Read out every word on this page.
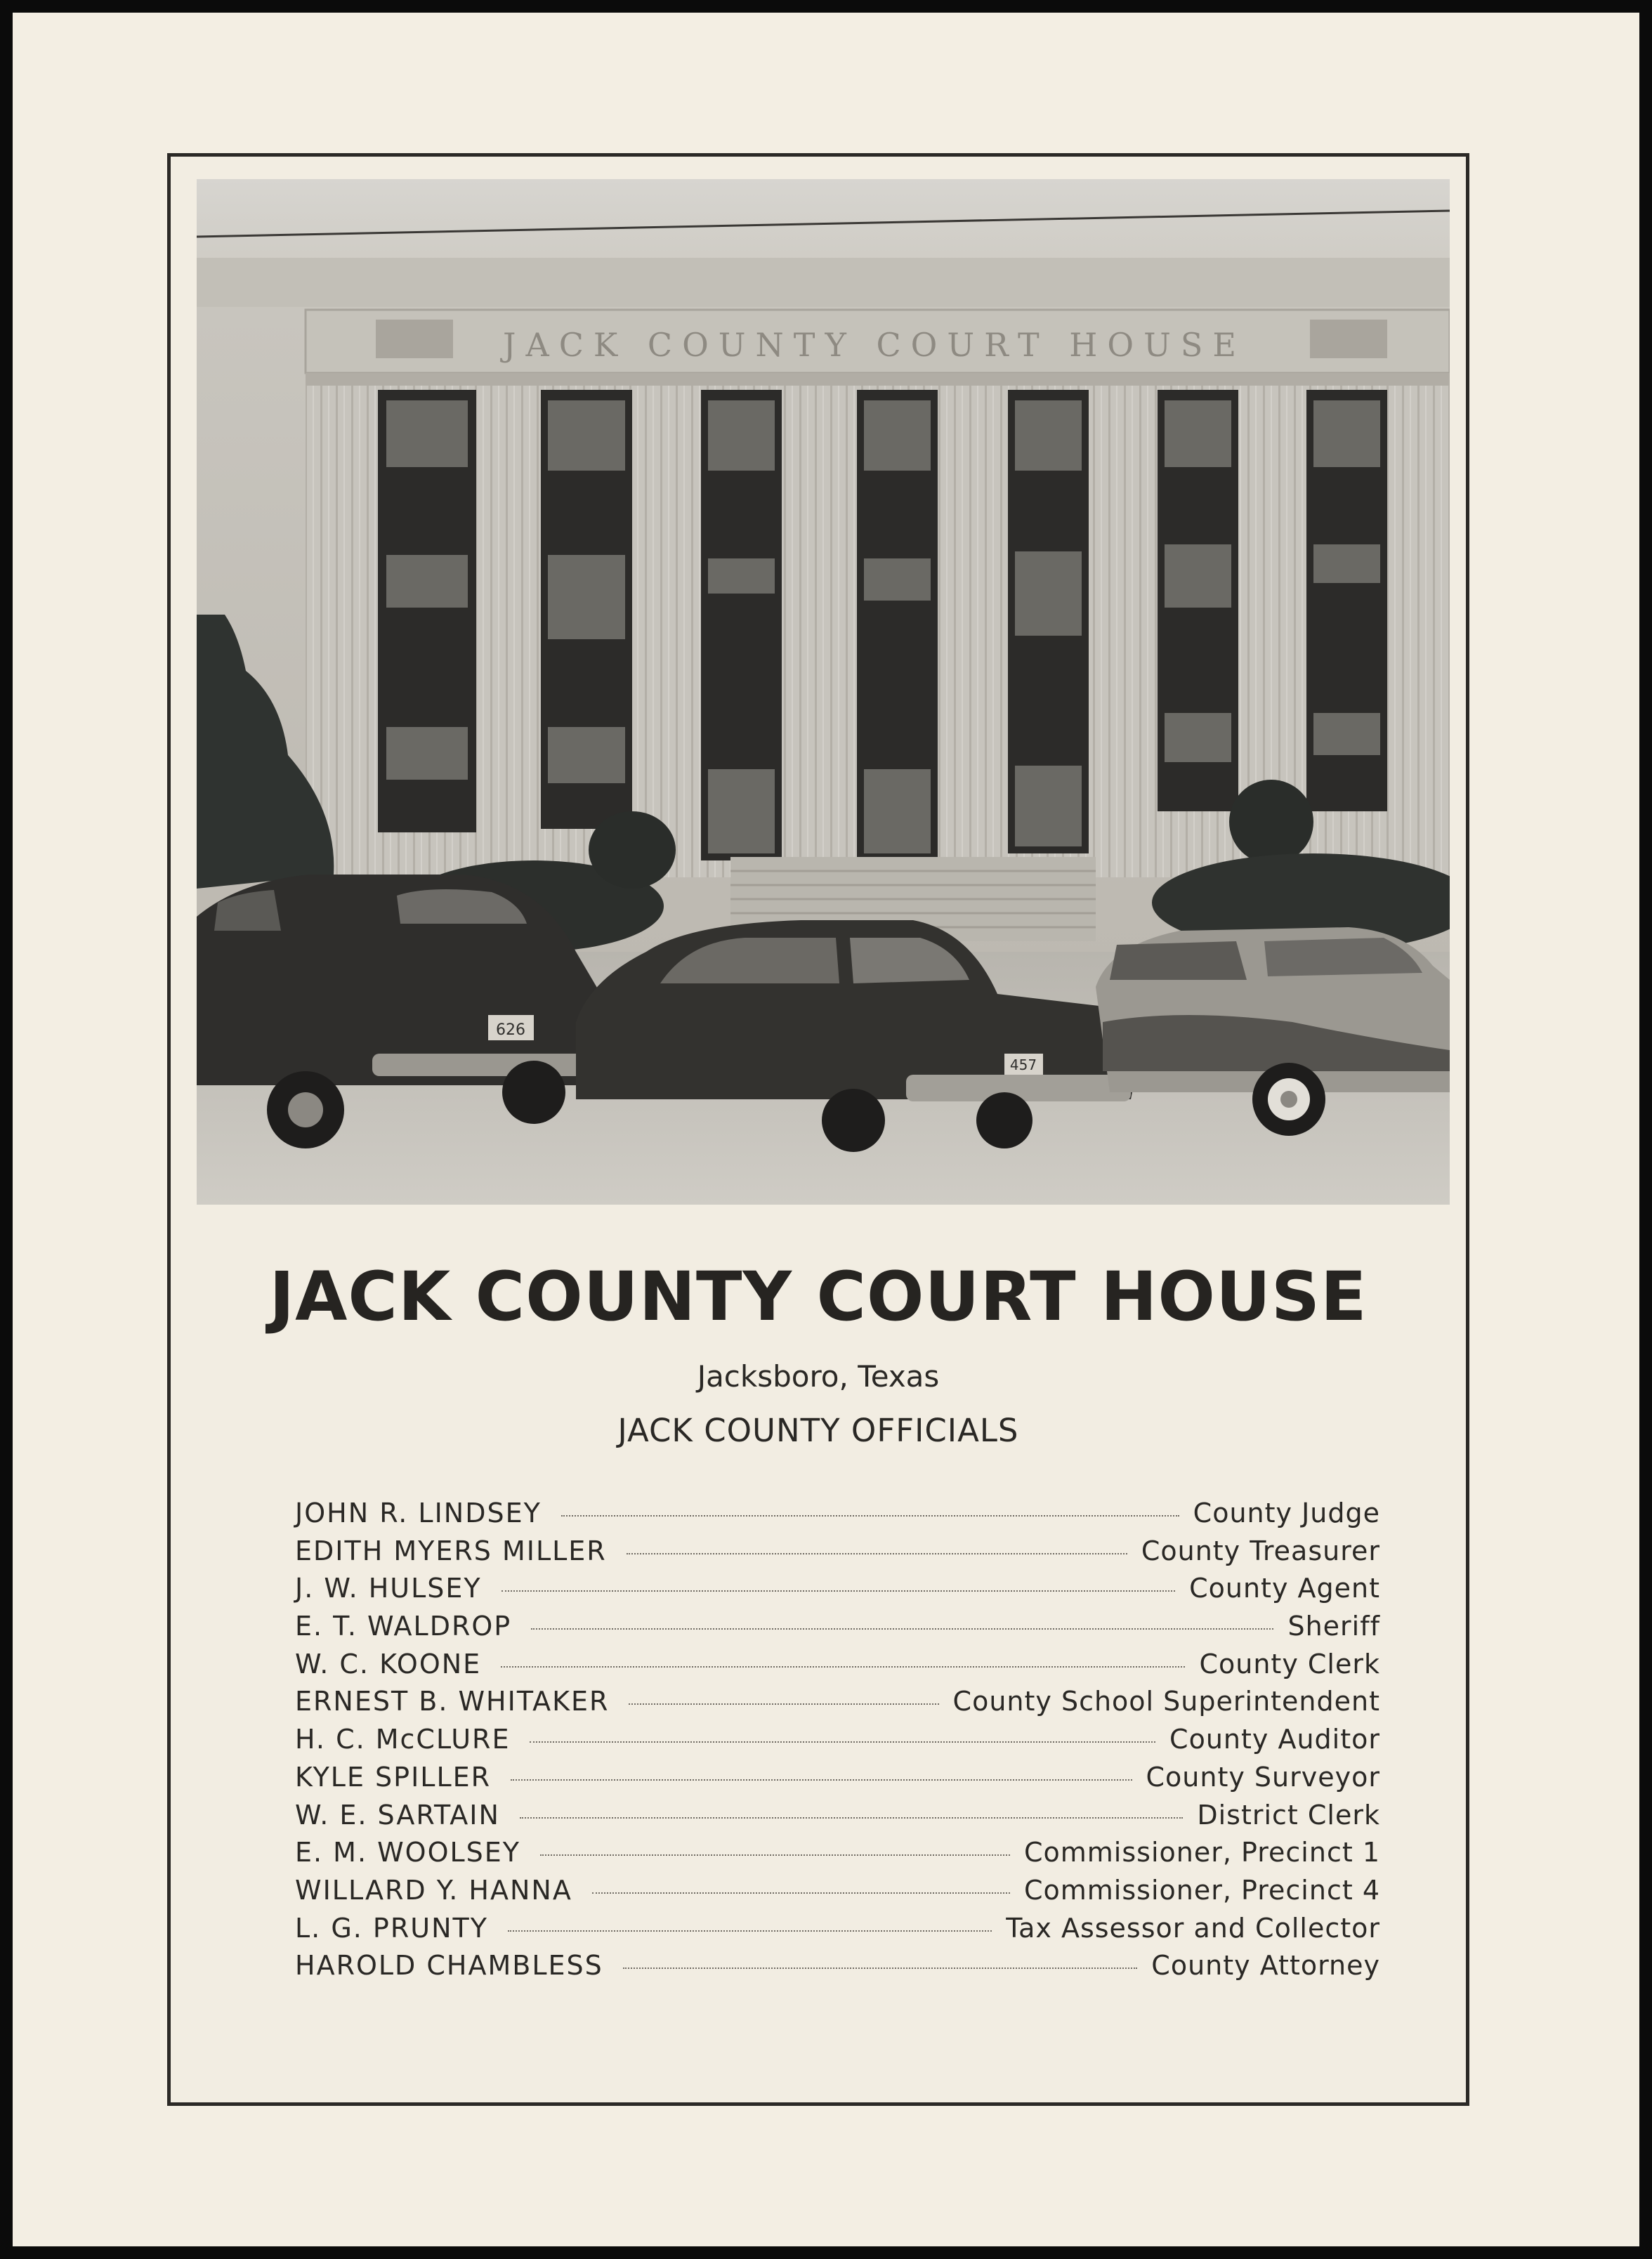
JACK COUNTY COURT HOUSE
626
457
JACK COUNTY COURT HOUSE
Jacksboro, Texas
JACK COUNTY OFFICIALS
JOHN R. LINDSEY	County Judge
EDITH MYERS MILLER	County Treasurer
J. W. HULSEY	County Agent
E. T. WALDROP	Sheriff
W. C. KOONE	County Clerk
ERNEST B. WHITAKER	County School Superintendent
H. C. McCLURE	County Auditor
KYLE SPILLER	County Surveyor
W. E. SARTAIN	District Clerk
E. M. WOOLSEY	Commissioner, Precinct 1
WILLARD Y. HANNA	Commissioner, Precinct 4
L. G. PRUNTY	Tax Assessor and Collector
HAROLD CHAMBLESS	County Attorney
